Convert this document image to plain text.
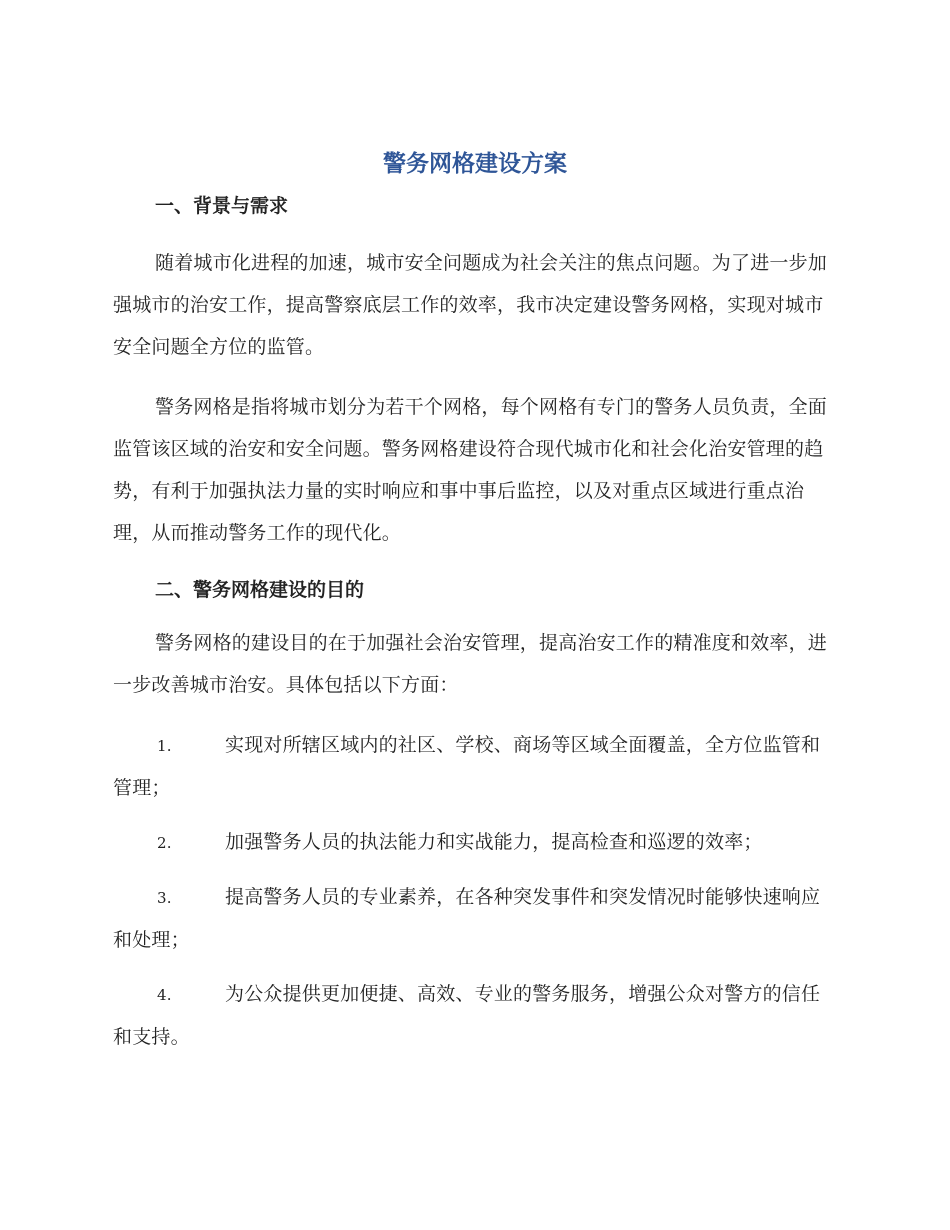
警务网格建设方案
一、背景与需求

随着城市化进程的加速，城市安全问题成为社会关注的焦点问题。为了进一步加强城市的治安工作，提高警察底层工作的效率，我市决定建设警务网格，实现对城市安全问题全方位的监管。

警务网格是指将城市划分为若干个网格，每个网格有专门的警务人员负责，全面监管该区域的治安和安全问题。警务网格建设符合现代城市化和社会化治安管理的趋势，有利于加强执法力量的实时响应和事中事后监控，以及对重点区域进行重点治理，从而推动警务工作的现代化。

二、警务网格建设的目的

警务网格的建设目的在于加强社会治安管理，提高治安工作的精准度和效率，进一步改善城市治安。具体包括以下方面：

1.	实现对所辖区域内的社区、学校、商场等区域全面覆盖，全方位监管和管理；

2.	加强警务人员的执法能力和实战能力，提高检查和巡逻的效率；

3.	提高警务人员的专业素养，在各种突发事件和突发情况时能够快速响应和处理；

4.	为公众提供更加便捷、高效、专业的警务服务，增强公众对警方的信任和支持。
